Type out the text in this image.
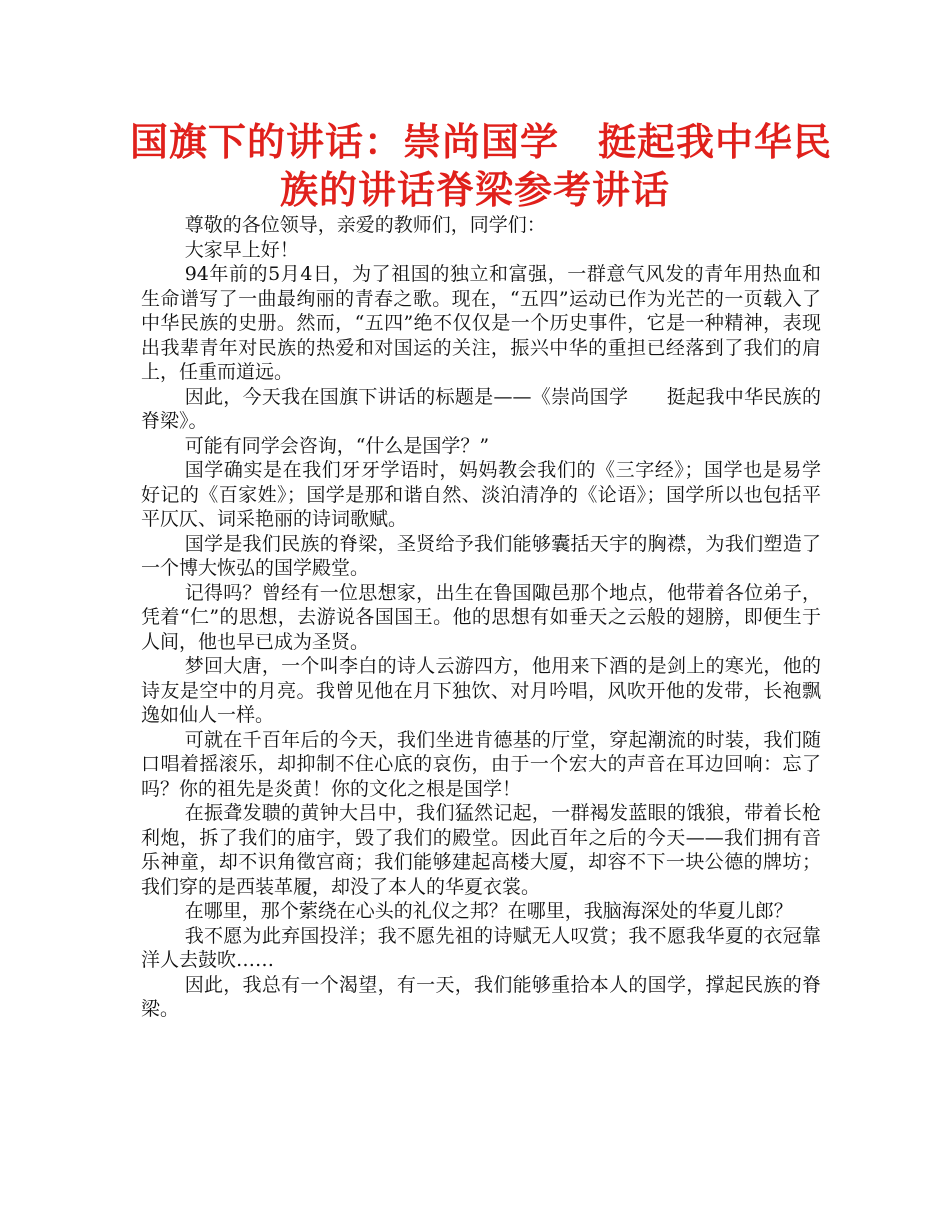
国旗下的讲话：崇尚国学　挺起我中华民
族的讲话脊梁参考讲话

尊敬的各位领导，亲爱的教师们，同学们：

大家早上好！

94年前的5月4日，为了祖国的独立和富强，一群意气风发的青年用热血和生命谱写了一曲最绚丽的青春之歌。现在，“五四”运动已作为光芒的一页载入了中华民族的史册。然而，“五四”绝不仅仅是一个历史事件，它是一种精神，表现出我辈青年对民族的热爱和对国运的关注，振兴中华的重担已经落到了我们的肩上，任重而道远。

因此，今天我在国旗下讲话的标题是——《崇尚国学　　挺起我中华民族的脊梁》。

可能有同学会咨询，“什么是国学？”

国学确实是在我们牙牙学语时，妈妈教会我们的《三字经》；国学也是易学好记的《百家姓》；国学是那和谐自然、淡泊清净的《论语》；国学所以也包括平平仄仄、词采艳丽的诗词歌赋。

国学是我们民族的脊梁，圣贤给予我们能够囊括天宇的胸襟，为我们塑造了一个博大恢弘的国学殿堂。

记得吗？曾经有一位思想家，出生在鲁国陬邑那个地点，他带着各位弟子，凭着“仁”的思想，去游说各国国王。他的思想有如垂天之云般的翅膀，即便生于人间，他也早已成为圣贤。

梦回大唐，一个叫李白的诗人云游四方，他用来下酒的是剑上的寒光，他的诗友是空中的月亮。我曾见他在月下独饮、对月吟唱，风吹开他的发带，长袍飘逸如仙人一样。

可就在千百年后的今天，我们坐进肯德基的厅堂，穿起潮流的时装，我们随口唱着摇滚乐，却抑制不住心底的哀伤，由于一个宏大的声音在耳边回响：忘了吗？你的祖先是炎黄！你的文化之根是国学！

在振聋发聩的黄钟大吕中，我们猛然记起，一群褐发蓝眼的饿狼，带着长枪利炮，拆了我们的庙宇，毁了我们的殿堂。因此百年之后的今天——我们拥有音乐神童，却不识角徵宫商；我们能够建起高楼大厦，却容不下一块公德的牌坊；我们穿的是西装革履，却没了本人的华夏衣裳。

在哪里，那个萦绕在心头的礼仪之邦？在哪里，我脑海深处的华夏儿郎？

我不愿为此弃国投洋；我不愿先祖的诗赋无人叹赏；我不愿我华夏的衣冠靠洋人去鼓吹……

因此，我总有一个渴望，有一天，我们能够重拾本人的国学，撑起民族的脊梁。
